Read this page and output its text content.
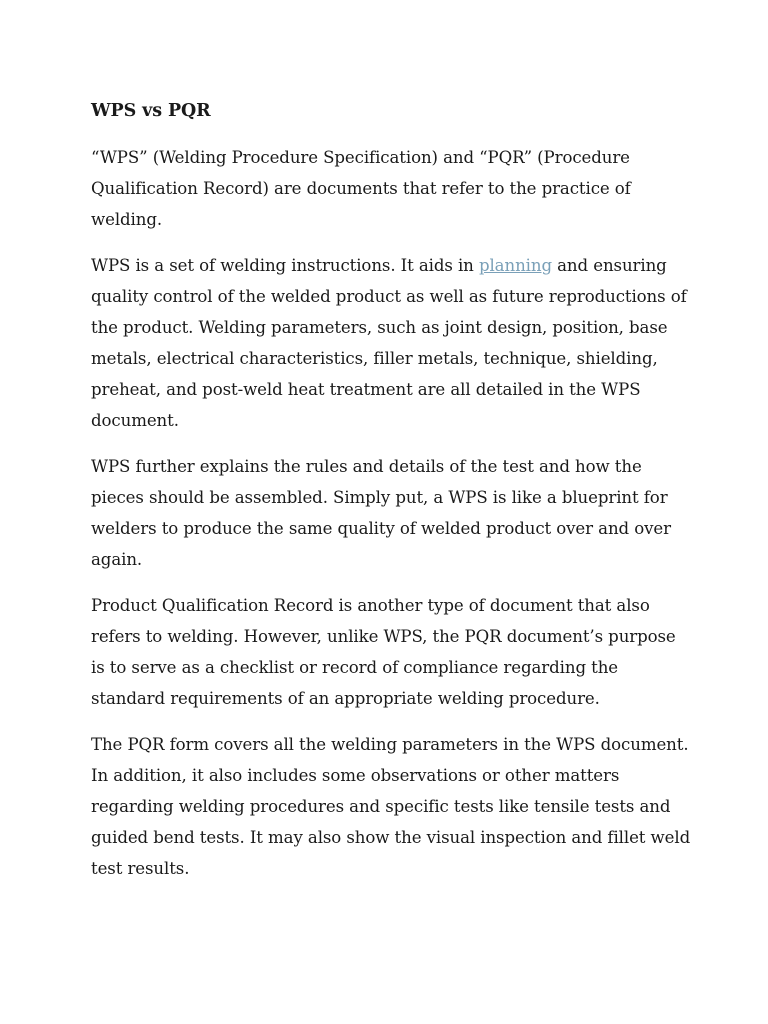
WPS vs PQR

“WPS” (Welding Procedure Specification) and “PQR” (Procedure Qualification Record) are documents that refer to the practice of welding.

WPS is a set of welding instructions. It aids in planning and ensuring quality control of the welded product as well as future reproductions of the product. Welding parameters, such as joint design, position, base metals, electrical characteristics, filler metals, technique, shielding, preheat, and post-weld heat treatment are all detailed in the WPS document.

WPS further explains the rules and details of the test and how the pieces should be assembled. Simply put, a WPS is like a blueprint for welders to produce the same quality of welded product over and over again.

Product Qualification Record is another type of document that also refers to welding. However, unlike WPS, the PQR document’s purpose is to serve as a checklist or record of compliance regarding the standard requirements of an appropriate welding procedure.

The PQR form covers all the welding parameters in the WPS document. In addition, it also includes some observations or other matters regarding welding procedures and specific tests like tensile tests and guided bend tests. It may also show the visual inspection and fillet weld test results.
